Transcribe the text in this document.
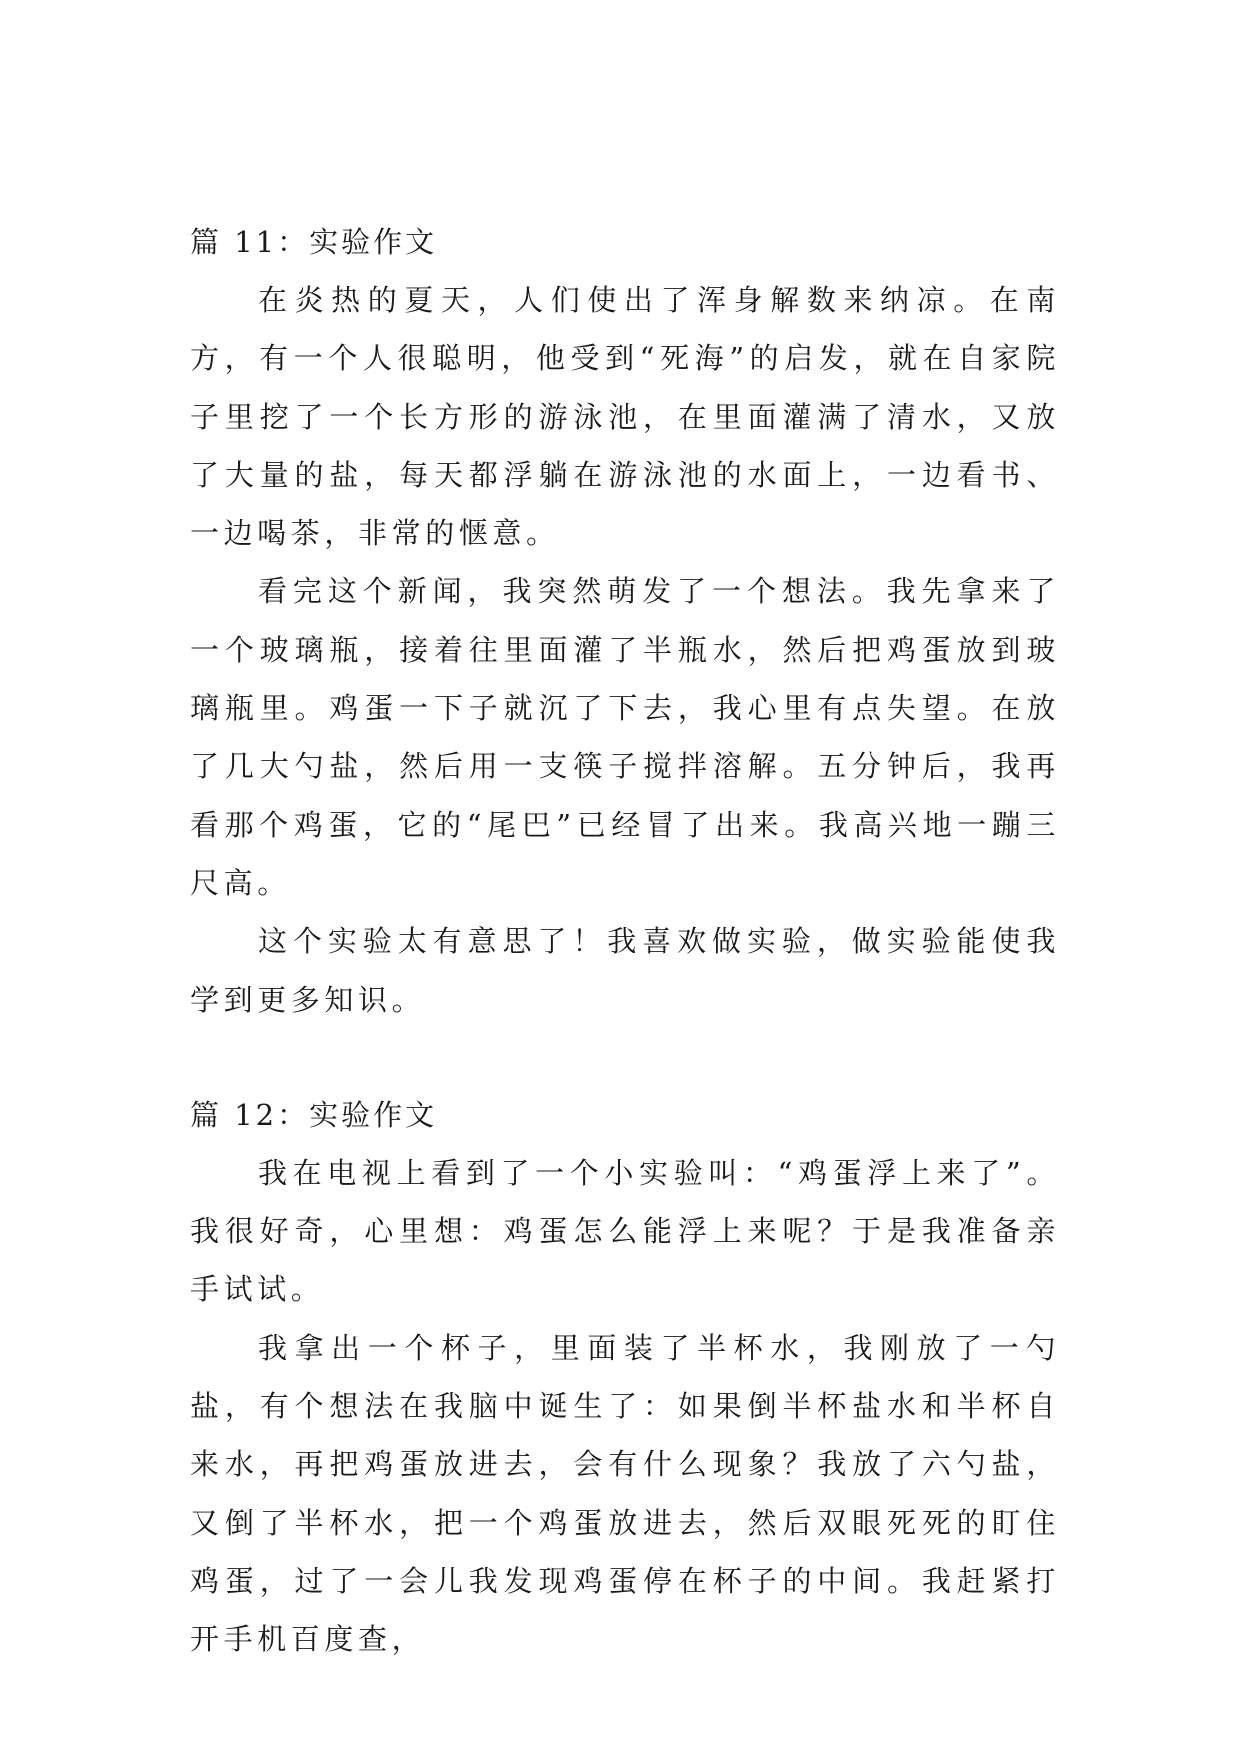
篇 11：实验作文

在炎热的夏天，人们使出了浑身解数来纳凉。在南方，有一个人很聪明，他受到“死海”的启发，就在自家院子里挖了一个长方形的游泳池，在里面灌满了清水，又放了大量的盐，每天都浮躺在游泳池的水面上，一边看书、一边喝茶，非常的惬意。

看完这个新闻，我突然萌发了一个想法。我先拿来了一个玻璃瓶，接着往里面灌了半瓶水，然后把鸡蛋放到玻璃瓶里。鸡蛋一下子就沉了下去，我心里有点失望。在放了几大勺盐，然后用一支筷子搅拌溶解。五分钟后，我再看那个鸡蛋，它的“尾巴”已经冒了出来。我高兴地一蹦三尺高。

这个实验太有意思了！我喜欢做实验，做实验能使我学到更多知识。

篇 12：实验作文

我在电视上看到了一个小实验叫：“鸡蛋浮上来了”。我很好奇，心里想：鸡蛋怎么能浮上来呢？于是我准备亲手试试。

我拿出一个杯子，里面装了半杯水，我刚放了一勺盐，有个想法在我脑中诞生了：如果倒半杯盐水和半杯自来水，再把鸡蛋放进去，会有什么现象？我放了六勺盐，又倒了半杯水，把一个鸡蛋放进去，然后双眼死死的盯住鸡蛋，过了一会儿我发现鸡蛋停在杯子的中间。我赶紧打开手机百度查，
